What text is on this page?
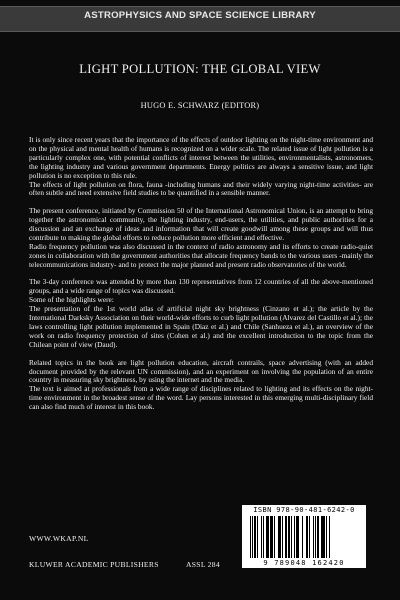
ASTROPHYSICS AND SPACE SCIENCE LIBRARY
LIGHT POLLUTION: THE GLOBAL VIEW
HUGO E. SCHWARZ (EDITOR)

It is only since recent years that the importance of the effects of outdoor lighting on the night-time environment and on the physical and mental health of humans is recognized on a wider scale. The related issue of light pollution is a particularly complex one, with potential conflicts of interest between the utilities, environmentalists, astronomers, the lighting industry and various government departments. Energy politics are always a sensitive issue, and light pollution is no exception to this rule.

The effects of light pollution on flora, fauna -including humans and their widely varying night-time activities- are often subtle and need extensive field studies to be quantified in a sensible manner.

The present conference, initiated by Commission 50 of the International Astronomical Union, is an attempt to bring together the astronomical community, the lighting industry, end-users, the utilities, and public authorities for a discussion and an exchange of ideas and information that will create goodwill among these groups and will thus contribute to making the global efforts to reduce pollution more efficient and effective.

Radio frequency pollution was also discussed in the context of radio astronomy and its efforts to create radio-quiet zones in collaboration with the government authorities that allocate frequency bands to the various users -mainly the telecommunications industry- and to protect the major planned and present radio observatories of the world.

The 3-day conference was attended by more than 130 representatives from 12 countries of all the above-mentioned groups, and a wide range of topics was discussed.

Some of the highlights were:

The presentation of the 1st world atlas of artificial night sky brightness (Cinzano et al.); the article by the International Darksky Association on their world-wide efforts to curb light pollution (Alvarez del Castillo et al.); the laws controlling light pollution implemented in Spain (Diaz et al.) and Chile (Sanhueza et al.), an overview of the work on radio frequency protection of sites (Cohen et al.) and the excellent introduction to the topic from the Chilean point of view (Daud).

Related topics in the book are light pollution education, aircraft contrails, space advertising (with an added document provided by the relevant UN commission), and an experiment on involving the population of an entire country in measuring sky brightness, by using the internet and the media.

The text is aimed at professionals from a wide range of disciplines related to lighting and its effects on the night-time environment in the broadest sense of the word. Lay persons interested in this emerging multi-disciplinary field can also find much of interest in this book.

ISBN 978-90-481-6242-0
9 789048 162420
WWW.WKAP.NL
KLUWER ACADEMIC PUBLISHERS	ASSL 284
